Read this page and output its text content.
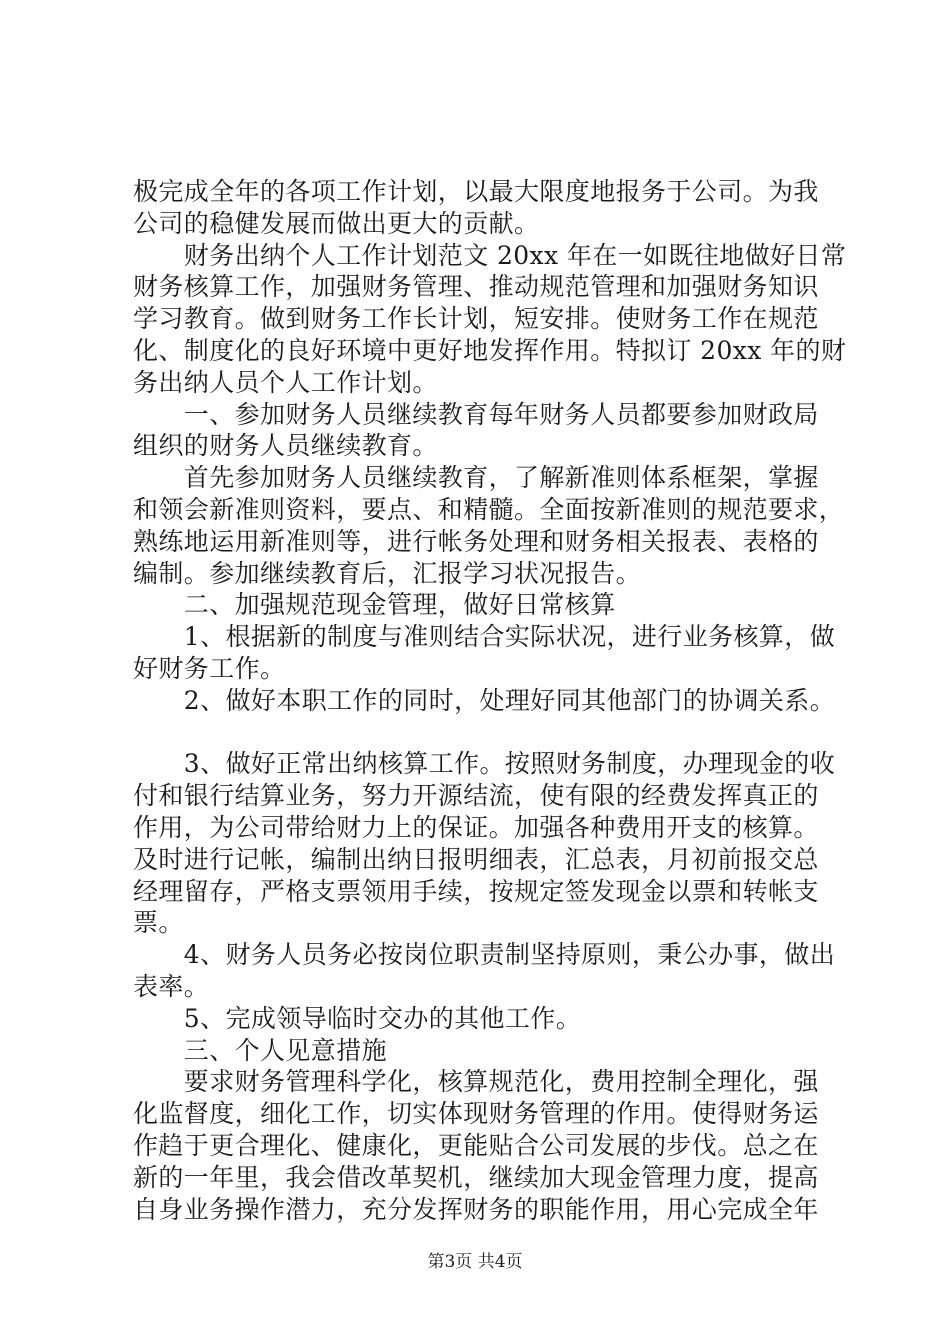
极完成全年的各项工作计划，以最大限度地报务于公司。为我
公司的稳健发展而做出更大的贡献。
　　财务出纳个人工作计划范文 20xx 年在一如既往地做好日常
财务核算工作，加强财务管理、推动规范管理和加强财务知识
学习教育。做到财务工作长计划，短安排。使财务工作在规范
化、制度化的良好环境中更好地发挥作用。特拟订 20xx 年的财
务出纳人员个人工作计划。
　　一、参加财务人员继续教育每年财务人员都要参加财政局
组织的财务人员继续教育。
　　首先参加财务人员继续教育，了解新准则体系框架，掌握
和领会新准则资料，要点、和精髓。全面按新准则的规范要求，
熟练地运用新准则等，进行帐务处理和财务相关报表、表格的
编制。参加继续教育后，汇报学习状况报告。
　　二、加强规范现金管理，做好日常核算
　　1、根据新的制度与准则结合实际状况，进行业务核算，做
好财务工作。
　　2、做好本职工作的同时，处理好同其他部门的协调关系。
　　3、做好正常出纳核算工作。按照财务制度，办理现金的收
付和银行结算业务，努力开源结流，使有限的经费发挥真正的
作用，为公司带给财力上的保证。加强各种费用开支的核算。
及时进行记帐，编制出纳日报明细表，汇总表，月初前报交总
经理留存，严格支票领用手续，按规定签发现金以票和转帐支
票。
　　4、财务人员务必按岗位职责制坚持原则，秉公办事，做出
表率。
　　5、完成领导临时交办的其他工作。
　　三、个人见意措施
　　要求财务管理科学化，核算规范化，费用控制全理化，强
化监督度，细化工作，切实体现财务管理的作用。使得财务运
作趋于更合理化、健康化，更能贴合公司发展的步伐。总之在
新的一年里，我会借改革契机，继续加大现金管理力度，提高
自身业务操作潜力，充分发挥财务的职能作用，用心完成全年
第3页 共4页
